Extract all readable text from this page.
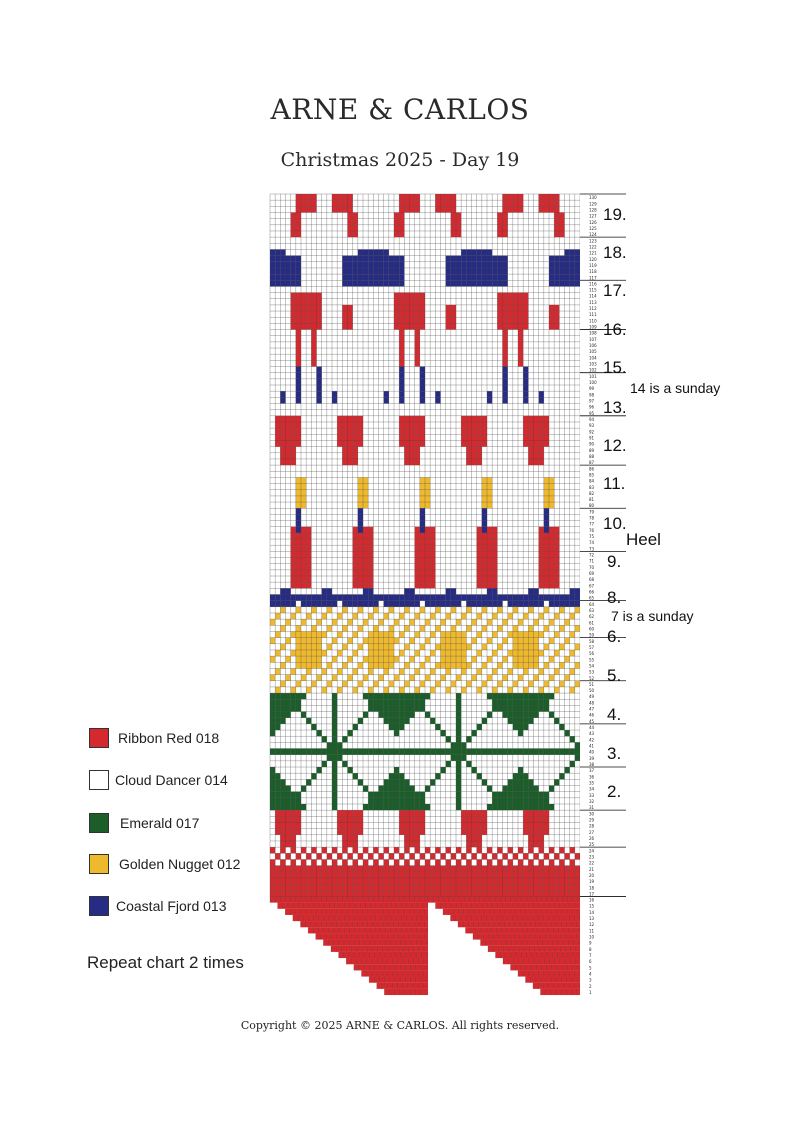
ARNE & CARLOS
Christmas 2025 - Day 19
130
129
128
127
126
125
124
123
122
121
120
119
118
117
116
115
114
113
112
111
110
109
108
107
106
105
104
103
102
101
100
99
98
97
96
95
94
93
92
91
90
89
88
87
86
85
84
83
82
81
80
79
78
77
76
75
74
73
72
71
70
69
68
67
66
65
64
63
62
61
60
59
58
57
56
55
54
53
52
51
50
49
48
47
46
45
44
43
42
41
40
39
38
37
36
35
34
33
32
31
30
29
28
27
26
25
24
23
22
21
20
19
18
17
16
15
14
13
12
11
10
9
8
7
6
5
4
3
2
1
19.
18.
17.
16.
15.
13.
12.
11.
10.
9.
8.
6.
5.
4.
3.
2.
14 is a sunday
7 is a sunday
Heel
Ribbon Red 018
Cloud Dancer 014
Emerald 017
Golden Nugget 012
Coastal Fjord 013
Repeat chart 2 times
Copyright © 2025 ARNE & CARLOS. All rights reserved.
